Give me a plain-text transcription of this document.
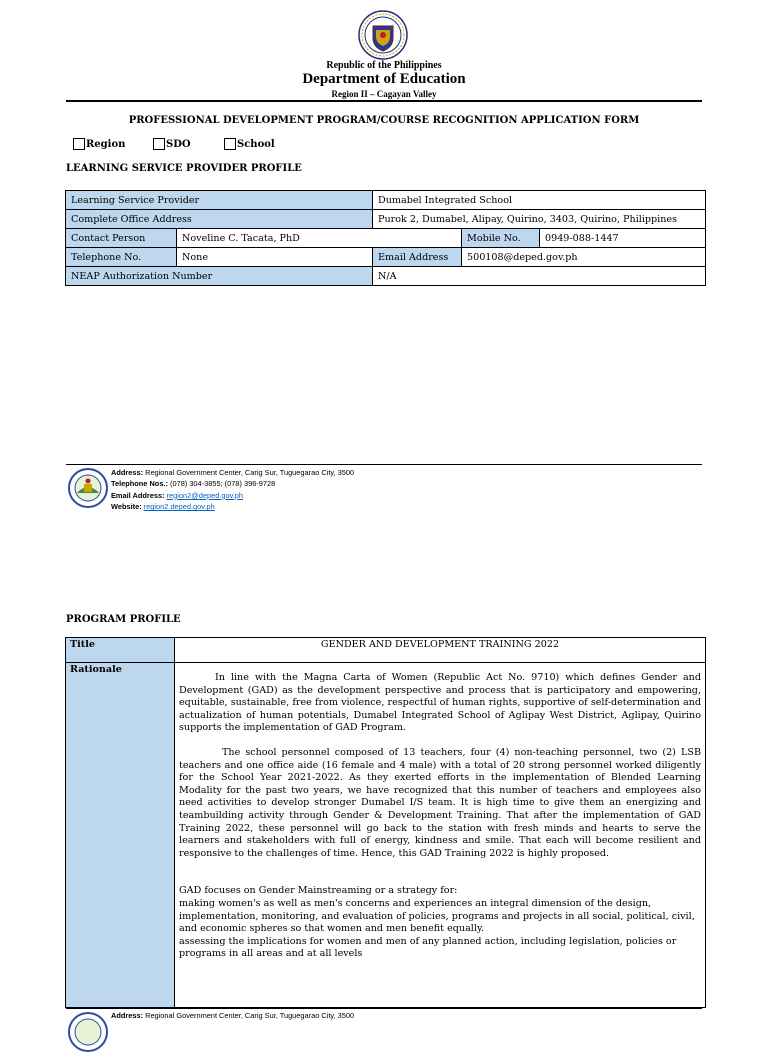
Republic of the Philippines
Department of Education
Region II – Cagayan Valley
PROFESSIONAL DEVELOPMENT PROGRAM/COURSE RECOGNITION APPLICATION FORM
Region	SDO	School
LEARNING SERVICE PROVIDER PROFILE
Learning Service Provider		Dumabel Integrated School		
Complete Office Address		Purok 2, Dumabel, Alipay, Quirino, 3403, Quirino, Philippines		
Contact Person	Noveline C. Tacata, PhD		Mobile No.	0949-088-1447
Telephone No.	None	Email Address	500108@deped.gov.ph	
NEAP Authorization Number		N/A		
Address: Regional Government Center, Carig Sur, Tuguegarao City, 3500
Telephone Nos.: (078) 304-3855; (078) 396-9728
Email Address: region2@deped.gov.ph
Website: region2.deped.gov.ph
PROGRAM PROFILE
Title	GENDER AND DEVELOPMENT TRAINING 2022
Rationale	In line with the Magna Carta of Women (Republic Act No. 9710) which defines Gender and Development (GAD) as the development perspective and process that is participatory and empowering, equitable, sustainable, free from violence, respectful of human rights, supportive of self-determination and actualization of human potentials, Dumabel Integrated School of Aglipay West District, Aglipay, Quirino supports the implementation of GAD Program.

The school personnel composed of 13 teachers, four (4) non-teaching personnel, two (2) LSB teachers and one office aide (16 female and 4 male) with a total of 20 strong personnel worked diligently for the School Year 2021-2022. As they exerted efforts in the implementation of Blended Learning Modality for the past two years, we have recognized that this number of teachers and employees also need activities to develop stronger Dumabel I/S team. It is high time to give them an energizing and teambuilding activity through Gender & Development Training. That after the implementation of GAD Training 2022, these personnel will go back to the station with fresh minds and hearts to serve the learners and stakeholders with full of energy, kindness and smile. That each will become resilient and responsive to the challenges of time. Hence, this GAD Training 2022 is highly proposed.

GAD focuses on Gender Mainstreaming or a strategy for:

making women's as well as men's concerns and experiences an integral dimension of the design, implementation, monitoring, and evaluation of policies, programs and projects in all social, political, civil, and economic spheres so that women and men benefit equally.

assessing the implications for women and men of any planned action, including legislation, policies or programs in all areas and at all levels

Address: Regional Government Center, Carig Sur, Tuguegarao City, 3500
